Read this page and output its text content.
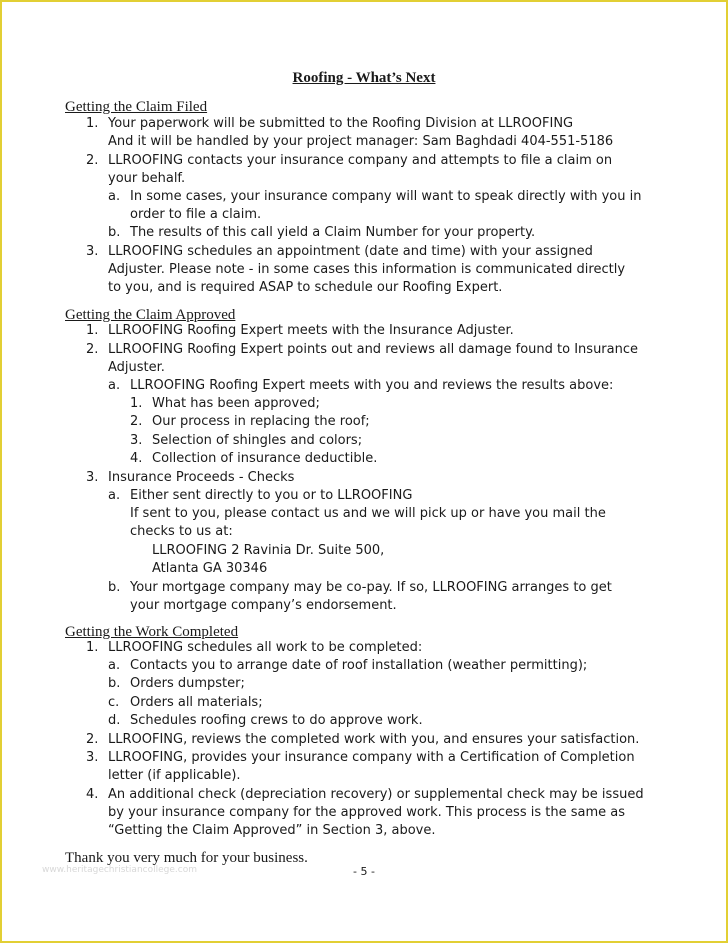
Roofing - What’s Next
Getting the Claim Filed
1. Your paperwork will be submitted to the Roofing Division at LLROOFING
And it will be handled by your project manager: Sam Baghdadi 404-551-5186
2. LLROOFING contacts your insurance company and attempts to file a claim on
your behalf.
a. In some cases, your insurance company will want to speak directly with you in
order to file a claim.
b. The results of this call yield a Claim Number for your property.
3. LLROOFING schedules an appointment (date and time) with your assigned
Adjuster. Please note - in some cases this information is communicated directly
to you, and is required ASAP to schedule our Roofing Expert.
Getting the Claim Approved
1. LLROOFING Roofing Expert meets with the Insurance Adjuster.
2. LLROOFING Roofing Expert points out and reviews all damage found to Insurance
Adjuster.
a. LLROOFING Roofing Expert meets with you and reviews the results above:
1. What has been approved;
2. Our process in replacing the roof;
3. Selection of shingles and colors;
4. Collection of insurance deductible.
3. Insurance Proceeds - Checks
a. Either sent directly to you or to LLROOFING
If sent to you, please contact us and we will pick up or have you mail the
checks to us at:
LLROOFING 2 Ravinia Dr. Suite 500,
Atlanta GA 30346
b. Your mortgage company may be co-pay. If so, LLROOFING arranges to get
your mortgage company’s endorsement.
Getting the Work Completed
1. LLROOFING schedules all work to be completed:
a. Contacts you to arrange date of roof installation (weather permitting);
b. Orders dumpster;
c. Orders all materials;
d. Schedules roofing crews to do approve work.
2. LLROOFING, reviews the completed work with you, and ensures your satisfaction.
3. LLROOFING, provides your insurance company with a Certification of Completion
letter (if applicable).
4. An additional check (depreciation recovery) or supplemental check may be issued
by your insurance company for the approved work. This process is the same as
“Getting the Claim Approved” in Section 3, above.
Thank you very much for your business.
www.heritagechristiancollege.com	- 5 -
